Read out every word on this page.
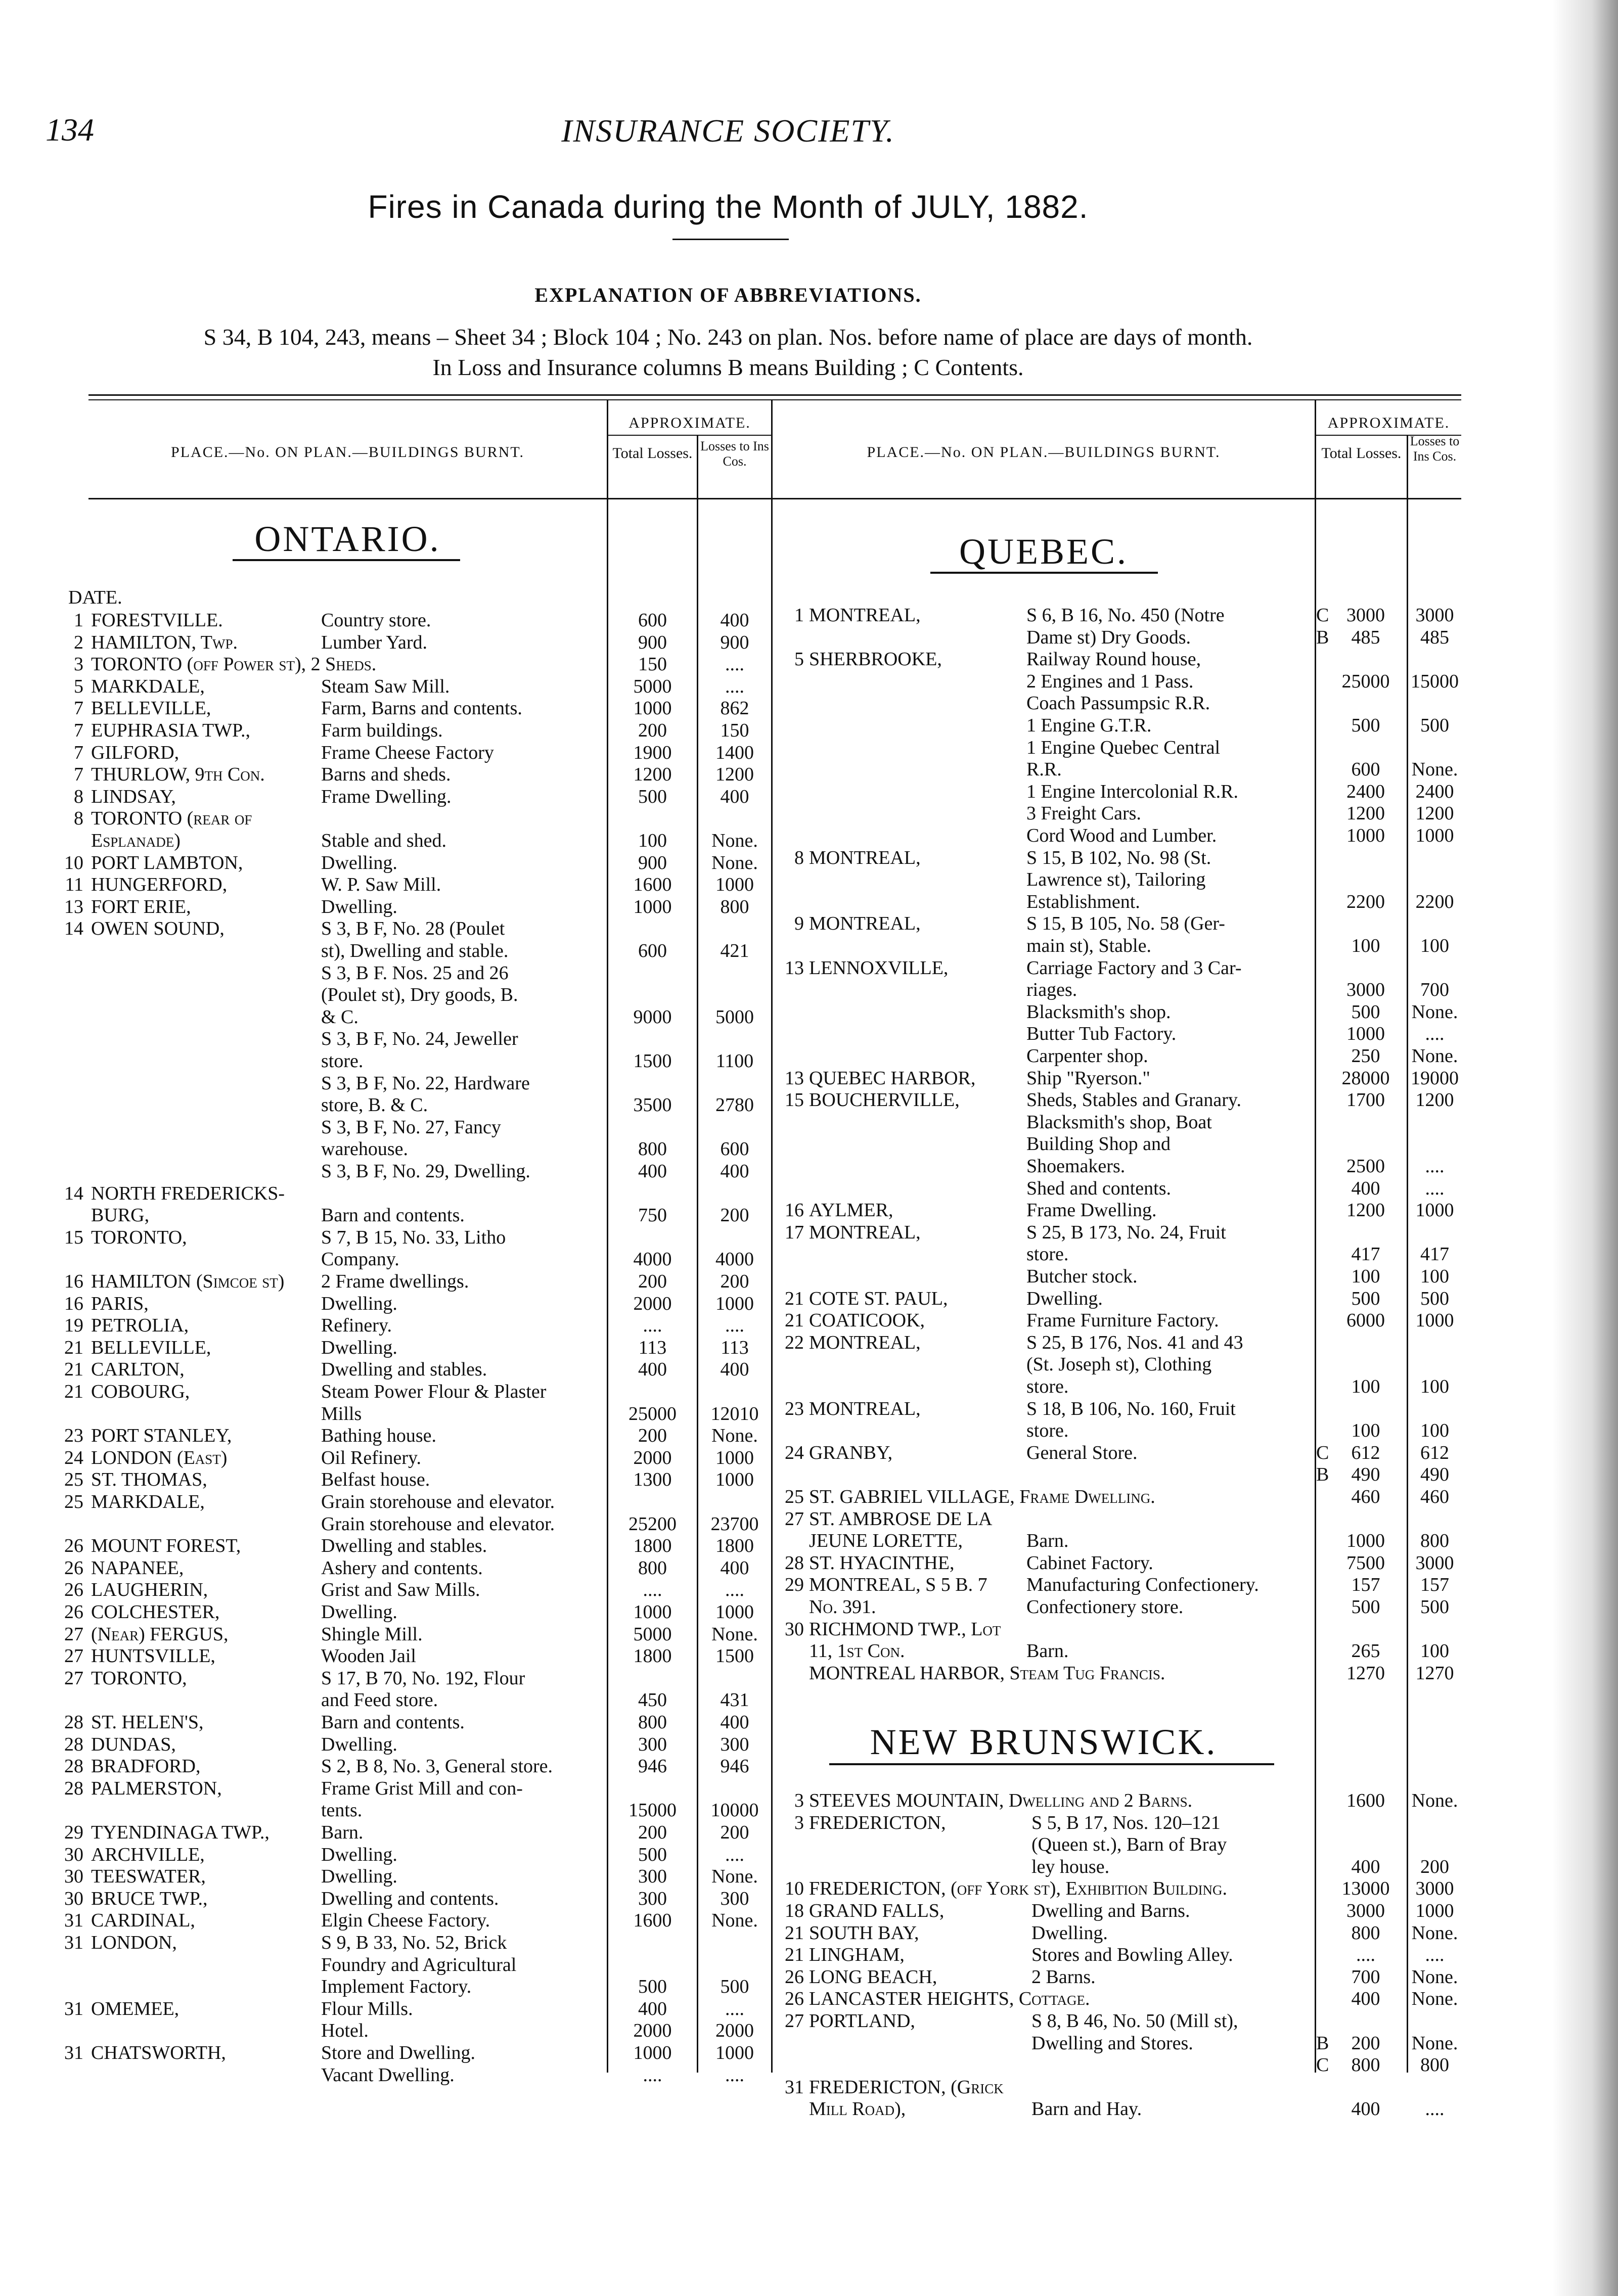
134	INSURANCE SOCIETY.
Fires in Canada during the Month of JULY, 1882.
EXPLANATION OF ABBREVIATIONS.
S 34, B 104, 243, means – Sheet 34 ; Block 104 ; No. 243 on plan. Nos. before name of place are days of month.
In Loss and Insurance columns B means Building ; C Contents.
PLACE.—No. ON PLAN.—BUILDINGS BURNT.
APPROXIMATE.
Total Losses. Losses to Ins Cos.
PLACE.—No. ON PLAN.—BUILDINGS BURNT.
APPROXIMATE.
Total Losses.
Losses to Ins Cos.
ONTARIO.
DATE.
QUEBEC.
NEW BRUNSWICK.
1 FORESTVILLE.	Country store.	600	400
2 HAMILTON, Twp.	Lumber Yard.	900	900
3 TORONTO (off Power st), 2 Sheds.	150	....
5 MARKDALE,	Steam Saw Mill.	5000	....
7 BELLEVILLE,	Farm, Barns and contents.	1000	862
7 EUPHRASIA TWP.,	Farm buildings.	200	150
7 GILFORD,	Frame Cheese Factory	1900	1400
7 THURLOW, 9th Con.	Barns and sheds.	1200	1200
8 LINDSAY,	Frame Dwelling.	500	400
8 TORONTO (rear of
Esplanade)	Stable and shed.	100	None.
10 PORT LAMBTON,	Dwelling.	900	None.
11 HUNGERFORD,	W. P. Saw Mill.	1600	1000
13 FORT ERIE,	Dwelling.	1000	800
14 OWEN SOUND,	S 3, B F, No. 28 (Poulet
st), Dwelling and stable.	600	421
S 3, B F. Nos. 25 and 26
(Poulet st), Dry goods, B.
& C.	9000	5000
S 3, B F, No. 24, Jeweller
store.	1500	1100
S 3, B F, No. 22, Hardware
store, B. & C.	3500	2780
S 3, B F, No. 27, Fancy
warehouse.	800	600
S 3, B F, No. 29, Dwelling.	400	400
14 NORTH FREDERICKS-
BURG,	Barn and contents.	750	200
15 TORONTO,	S 7, B 15, No. 33, Litho
Company.	4000	4000
16 HAMILTON (Simcoe st)	2 Frame dwellings.	200	200
16 PARIS,	Dwelling.	2000	1000
19 PETROLIA,	Refinery.	....	....
21 BELLEVILLE,	Dwelling.	113	113
21 CARLTON,	Dwelling and stables.	400	400
21 COBOURG,	Steam Power Flour & Plaster
Mills	25000	12010
23 PORT STANLEY,	Bathing house.	200	None.
24 LONDON (East)	Oil Refinery.	2000	1000
25 ST. THOMAS,	Belfast house.	1300	1000
25 MARKDALE,	Grain storehouse and elevator.
Grain storehouse and elevator.	25200	23700
26 MOUNT FOREST,	Dwelling and stables.	1800	1800
26 NAPANEE,	Ashery and contents.	800	400
26 LAUGHERIN,	Grist and Saw Mills.	....	....
26 COLCHESTER,	Dwelling.	1000	1000
27 (Near) FERGUS,	Shingle Mill.	5000	None.
27 HUNTSVILLE,	Wooden Jail	1800	1500
27 TORONTO,	S 17, B 70, No. 192, Flour
and Feed store.	450	431
28 ST. HELEN'S,	Barn and contents.	800	400
28 DUNDAS,	Dwelling.	300	300
28 BRADFORD,	S 2, B 8, No. 3, General store.	946	946
28 PALMERSTON,	Frame Grist Mill and con-
tents.	15000	10000
29 TYENDINAGA TWP.,	Barn.	200	200
30 ARCHVILLE,	Dwelling.	500	....
30 TEESWATER,	Dwelling.	300	None.
30 BRUCE TWP.,	Dwelling and contents.	300	300
31 CARDINAL,	Elgin Cheese Factory.	1600	None.
31 LONDON,	S 9, B 33, No. 52, Brick
Foundry and Agricultural
Implement Factory.	500	500
31 OMEMEE,	Flour Mills.	400	....
Hotel.	2000	2000
31 CHATSWORTH,	Store and Dwelling.	1000	1000
Vacant Dwelling.	....	....
1 MONTREAL,	S 6, B 16, No. 450 (Notre	C 3000	3000
Dame st) Dry Goods.	B	485	485
5 SHERBROOKE,	Railway Round house,
2 Engines and 1 Pass.	25000	15000
Coach Passumpsic R.R.
1 Engine G.T.R.	500	500
1 Engine Quebec Central
R.R.	600	None.
1 Engine Intercolonial R.R.	2400	2400
3 Freight Cars.	1200	1200
Cord Wood and Lumber.	1000	1000
8 MONTREAL,	S 15, B 102, No. 98 (St.
Lawrence st), Tailoring
Establishment.	2200	2200
9 MONTREAL,	S 15, B 105, No. 58 (Ger-
main st), Stable.	100	100
13 LENNOXVILLE,	Carriage Factory and 3 Car-
riages.	3000	700
Blacksmith's shop.	500	None.
Butter Tub Factory.	1000	....
Carpenter shop.	250	None.
13 QUEBEC HARBOR,	Ship "Ryerson."	28000	19000
15 BOUCHERVILLE,	Sheds, Stables and Granary.	1700	1200
Blacksmith's shop, Boat
Building Shop and
Shoemakers.	2500	....
Shed and contents.	400	....
16 AYLMER,	Frame Dwelling.	1200	1000
17 MONTREAL,	S 25, B 173, No. 24, Fruit
store.	417	417
Butcher stock.	100	100
21 COTE ST. PAUL,	Dwelling.	500	500
21 COATICOOK,	Frame Furniture Factory.	6000	1000
22 MONTREAL,	S 25, B 176, Nos. 41 and 43
(St. Joseph st), Clothing
store.	100	100
23 MONTREAL,	S 18, B 106, No. 160, Fruit
store.	100	100
24 GRANBY,	General Store.	C	612	612
B	490	490
25 ST. GABRIEL VILLAGE, Frame Dwelling.	460	460
27 ST. AMBROSE DE LA
JEUNE LORETTE,	Barn.	1000	800
28 ST. HYACINTHE,	Cabinet Factory.	7500	3000
29 MONTREAL, S 5 B. 7	Manufacturing Confectionery.	157	157
No. 391.	Confectionery store.	500	500
30 RICHMOND TWP., Lot
11, 1st Con.	Barn.	265	100
MONTREAL HARBOR, Steam Tug Francis.	1270	1270
3 STEEVES MOUNTAIN, Dwelling and 2 Barns.	1600	None.
3 FREDERICTON,	S 5, B 17, Nos. 120–121
(Queen st.), Barn of Bray
ley house.	400	200
10 FREDERICTON, (off York st), Exhibition Building.	13000	3000
18 GRAND FALLS,	Dwelling and Barns.	3000	1000
21 SOUTH BAY,	Dwelling.	800	None.
21 LINGHAM,	Stores and Bowling Alley.	....	....
26 LONG BEACH,	2 Barns.	700	None.
26 LANCASTER HEIGHTS, Cottage.	400	None.
27 PORTLAND,	S 8, B 46, No. 50 (Mill st),
Dwelling and Stores.	B	200	None.
C	800	800
31 FREDERICTON, (Grick
Mill Road),	Barn and Hay.	400	....
